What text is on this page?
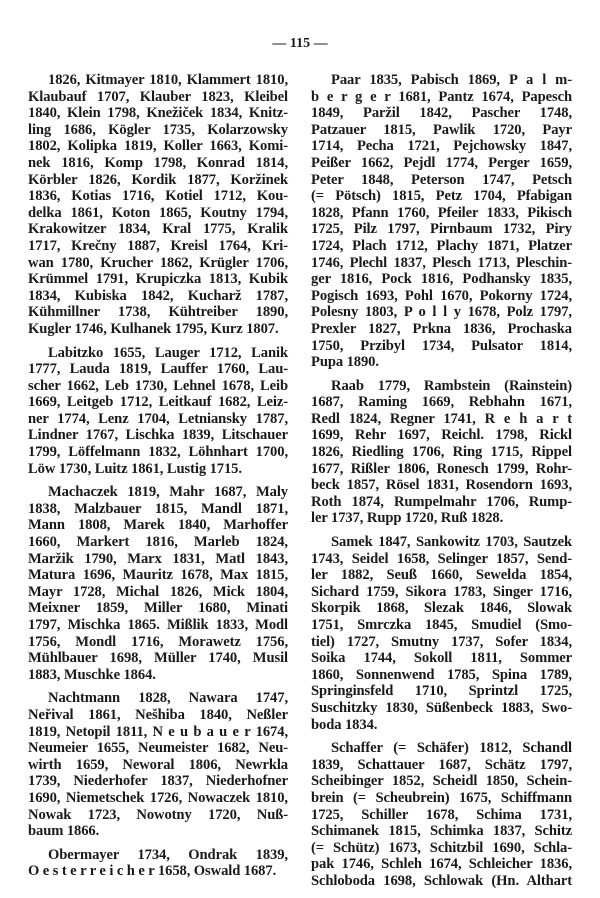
— 115 —
1826, Kitmayer 1810, Klammert 1810,
Klaubauf 1707, Klauber 1823, Kleibel
1840, Klein 1798, Knežiček 1834, Knitz-
ling 1686, Kögler 1735, Kolarzowsky
1802, Kolipka 1819, Koller 1663, Komi-
nek 1816, Komp 1798, Konrad 1814,
Körbler 1826, Kordik 1877, Koržinek
1836, Kotias 1716, Kotiel 1712, Kou-
delka 1861, Koton 1865, Koutny 1794,
Krakowitzer 1834, Kral 1775, Kralik
1717, Krečny 1887, Kreisl 1764, Kri-
wan 1780, Krucher 1862, Krügler 1706,
Krümmel 1791, Krupiczka 1813, Kubik
1834, Kubiska 1842, Kucharž 1787,
Kühmillner 1738, Kühtreiber 1890,
Kugler 1746, Kulhanek 1795, Kurz 1807.
Labitzko 1655, Lauger 1712, Lanik
1777, Lauda 1819, Lauffer 1760, Lau-
scher 1662, Leb 1730, Lehnel 1678, Leib
1669, Leitgeb 1712, Leitkauf 1682, Leiz-
ner 1774, Lenz 1704, Letniansky 1787,
Lindner 1767, Lischka 1839, Litschauer
1799, Löffelmann 1832, Löhnhart 1700,
Löw 1730, Luitz 1861, Lustig 1715.
Machaczek 1819, Mahr 1687, Maly
1838, Malzbauer 1815, Mandl 1871,
Mann 1808, Marek 1840, Marhoffer
1660, Markert 1816, Marleb 1824,
Maržik 1790, Marx 1831, Matl 1843,
Matura 1696, Mauritz 1678, Max 1815,
Mayr 1728, Michal 1826, Mick 1804,
Meixner 1859, Miller 1680, Minati
1797, Mischka 1865. Mißlik 1833, Modl
1756, Mondl 1716, Morawetz 1756,
Mühlbauer 1698, Müller 1740, Musil
1883, Muschke 1864.
Nachtmann 1828, Nawara 1747,
Neřival 1861, Nešhiba 1840, Neßler
1819, Netopil 1811, N e u b a u e r 1674,
Neumeier 1655, Neumeister 1682, Neu-
wirth 1659, Neworal 1806, Newrkla
1739, Niederhofer 1837, Niederhofner
1690, Niemetschek 1726, Nowaczek 1810,
Nowak 1723, Nowotny 1720, Nuß-
baum 1866.
Obermayer 1734, Ondrak 1839,
O e s t e r r e i c h e r 1658, Oswald 1687.
Paar 1835, Pabisch 1869, P a l m-
b e r g e r 1681, Pantz 1674, Papesch
1849, Paržil 1842, Pascher 1748,
Patzauer 1815, Pawlik 1720, Payr
1714, Pecha 1721, Pejchowsky 1847,
Peißer 1662, Pejdl 1774, Perger 1659,
Peter 1848, Peterson 1747, Petsch
(= Pötsch) 1815, Petz 1704, Pfabigan
1828, Pfann 1760, Pfeiler 1833, Pikisch
1725, Pilz 1797, Pirnbaum 1732, Piry
1724, Plach 1712, Plachy 1871, Platzer
1746, Plechl 1837, Plesch 1713, Pleschin-
ger 1816, Pock 1816, Podhansky 1835,
Pogisch 1693, Pohl 1670, Pokorny 1724,
Polesny 1803, P o l l y 1678, Polz 1797,
Prexler 1827, Prkna 1836, Prochaska
1750, Przibyl 1734, Pulsator 1814,
Pupa 1890.
Raab 1779, Rambstein (Rainstein)
1687, Raming 1669, Rebhahn 1671,
Redl 1824, Regner 1741, R e h a r t
1699, Rehr 1697, Reichl. 1798, Rickl
1826, Riedling 1706, Ring 1715, Rippel
1677, Rißler 1806, Ronesch 1799, Rohr-
beck 1857, Rösel 1831, Rosendorn 1693,
Roth 1874, Rumpelmahr 1706, Rump-
ler 1737, Rupp 1720, Ruß 1828.
Samek 1847, Sankowitz 1703, Sautzek
1743, Seidel 1658, Selinger 1857, Send-
ler 1882, Seuß 1660, Sewelda 1854,
Sichard 1759, Sikora 1783, Singer 1716,
Skorpik 1868, Slezak 1846, Slowak
1751, Smrczka 1845, Smudiel (Smo-
tiel) 1727, Smutny 1737, Sofer 1834,
Soika 1744, Sokoll 1811, Sommer
1860, Sonnenwend 1785, Spina 1789,
Springinsfeld 1710, Sprintzl 1725,
Suschitzky 1830, Süßenbeck 1883, Swo-
boda 1834.
Schaffer (= Schäfer) 1812, Schandl
1839, Schattauer 1687, Schätz 1797,
Scheibinger 1852, Scheidl 1850, Schein-
brein (= Scheubrein) 1675, Schiffmann
1725, Schiller 1678, Schima 1731,
Schimanek 1815, Schimka 1837, Schitz
(= Schütz) 1673, Schitzbil 1690, Schla-
pak 1746, Schleh 1674, Schleicher 1836,
Schloboda 1698, Schlowak (Hn. Althart
